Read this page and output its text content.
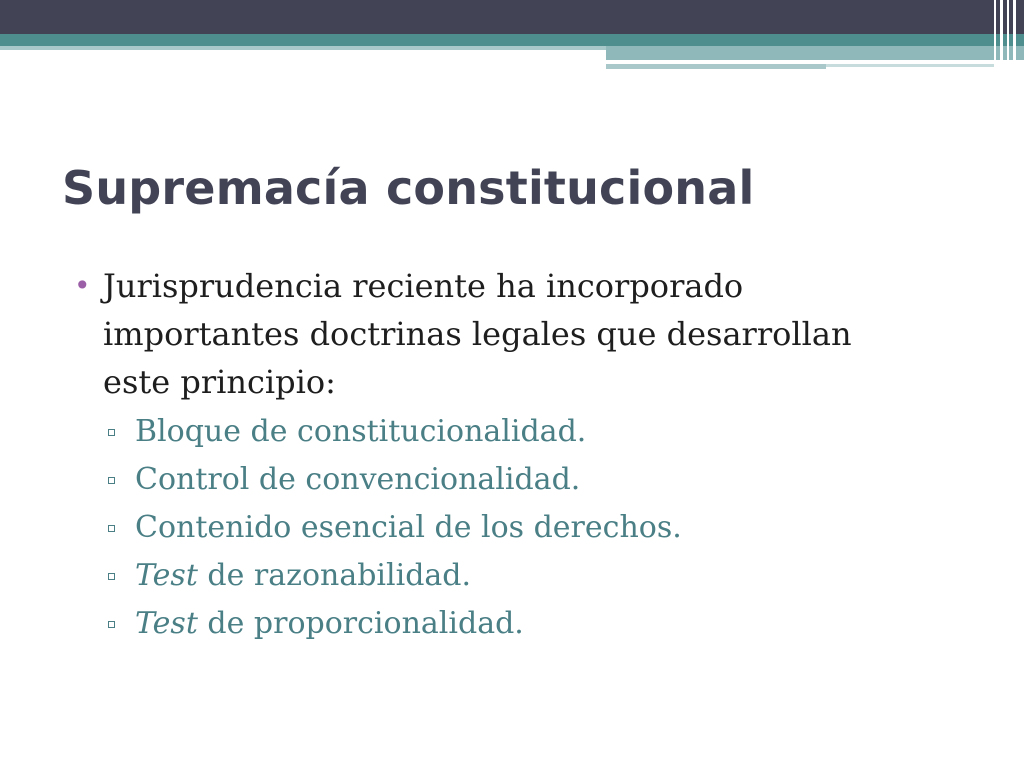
Supremacía constitucional

• Jurisprudencia reciente ha incorporado
importantes doctrinas legales que desarrollan
este principio:

Bloque de constitucionalidad.
Control de convencionalidad.
Contenido esencial de los derechos.
Test de razonabilidad.
Test de proporcionalidad.
